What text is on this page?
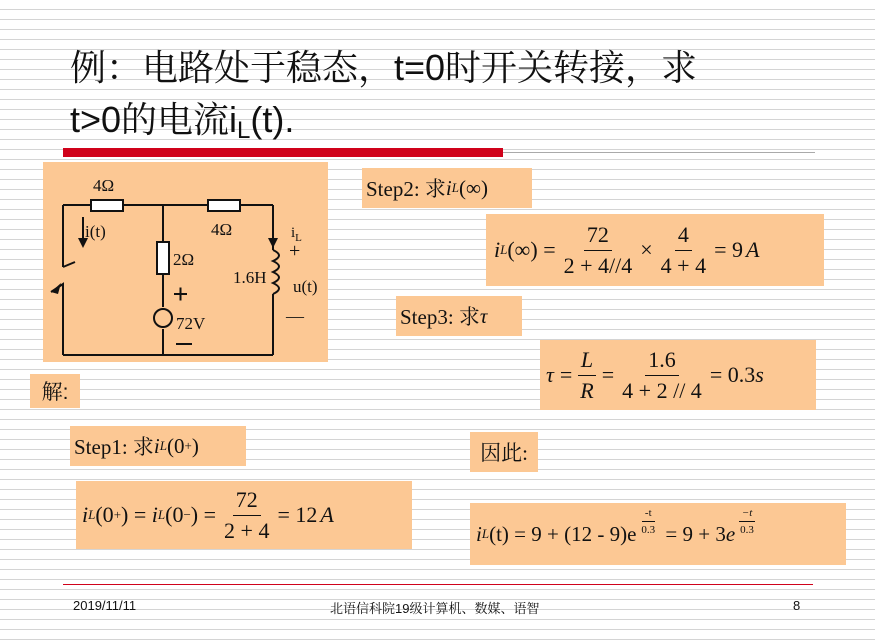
例：电路处于稳态，t=0时开关转接，求
t>0的电流iL(t).
4Ω
4Ω
2Ω
i(t)	$i_L$
+
1.6H u(t)
—
72V
解:
Step1: 求 i L (0 + )
i L (0 + ) = i L (0 − ) = $\frac{72}{2 + 4} = 12$ A
Step2: 求 i L (∞)
i L (∞) = $\frac{72}{2 + 4//4} \times \frac{4}{4 + 4} = 9$ A
Step3: 求 τ
$\tau = \frac{L}{R} = \frac{1.6}{4 + 2 // 4} = 0.3$ s
因此:
i L $(t) = 9 + (12 - 9)e \frac{-t}{0.3} = 9 + 3$ e $\frac{-t}{0.3}$
2019/11/11	北语信科院19级计算机、数媒、语智	8
